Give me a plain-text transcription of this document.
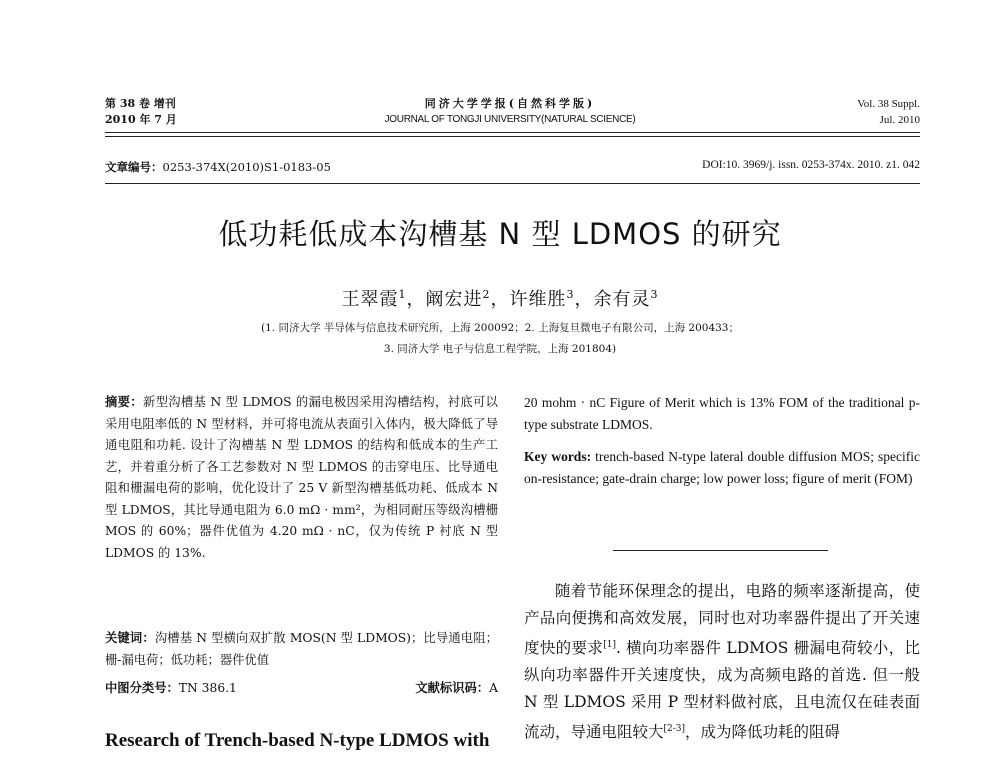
第 38 卷 增刊
2010 年 7 月
同济大学学报(自然科学版)
JOURNAL OF TONGJI UNIVERSITY(NATURAL SCIENCE)
Vol. 38 Suppl.
Jul. 2010
文章编号：0253-374X(2010)S1-0183-05	DOI:10. 3969/j. issn. 0253-374x. 2010. z1. 042
低功耗低成本沟槽基 N 型 LDMOS 的研究
王翠霞$^1$，阚宏进$^2$，许维胜$^3$，余有灵$^3$
(1. 同济大学 半导体与信息技术研究所，上海 200092；2. 上海复旦微电子有限公司，上海 200433；
3. 同济大学 电子与信息工程学院，上海 201804)

摘要：新型沟槽基 N 型 LDMOS 的漏电极因采用沟槽结构，衬底可以采用电阻率低的 N 型材料，并可将电流从表面引入体内，极大降低了导通电阻和功耗. 设计了沟槽基 N 型 LDMOS 的结构和低成本的生产工艺，并着重分析了各工艺参数对 N 型 LDMOS 的击穿电压、比导通电阻和栅漏电荷的影响，优化设计了 25 V 新型沟槽基低功耗、低成本 N 型 LDMOS，其比导通电阻为 6.0 mΩ · mm²，为相同耐压等级沟槽栅 MOS 的 60%；器件优值为 4.20 mΩ · nC，仅为传统 P 衬底 N 型 LDMOS 的 13%.

关键词：沟槽基 N 型横向双扩散 MOS(N 型 LDMOS)；比导通电阻；栅-漏电荷；低功耗；器件优值

中图分类号：TN 386.1	文献标识码：A
Research of Trench-based N-type LDMOS with

20 mohm · nC Figure of Merit which is 13% FOM of the traditional p-type substrate LDMOS.

Key words: trench-based N-type lateral double diffusion MOS; specific on-resistance; gate-drain charge; low power loss; figure of merit (FOM)

随着节能环保理念的提出，电路的频率逐渐提高，使产品向便携和高效发展，同时也对功率器件提出了开关速度快的要求[1]. 横向功率器件 LDMOS 栅漏电荷较小，比纵向功率器件开关速度快，成为高频电路的首选. 但一般 N 型 LDMOS 采用 P 型材料做衬底，且电流仅在硅表面流动，导通电阻较大[2-3]，成为降低功耗的阻碍
